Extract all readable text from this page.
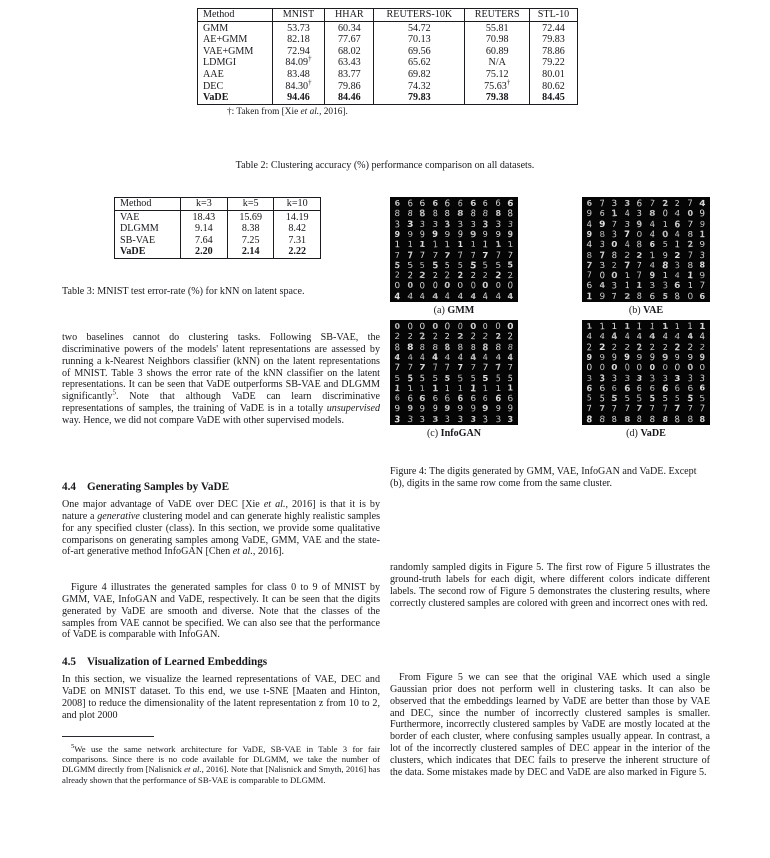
Method	MNIST	HHAR	REUTERS-10K	REUTERS	STL-10
GMM	53.73	60.34	54.72	55.81	72.44
AE+GMM	82.18	77.67	70.13	70.98	79.83
VAE+GMM	72.94	68.02	69.56	60.89	78.86
LDMGI	84.09†	63.43	65.62	N/A	79.22
AAE	83.48	83.77	69.82	75.12	80.01
DEC	84.30†	79.86	74.32	75.63†	80.62
VaDE	94.46	84.46	79.83	79.38	84.45
†: Taken from [Xie et al., 2016].
Table 2: Clustering accuracy (%) performance comparison on all datasets.
Method	k=3	k=5	k=10
VAE	18.43	15.69	14.19
DLGMM	9.14	8.38	8.42
SB-VAE	7.64	7.25	7.31
VaDE	2.20	2.14	2.22
Table 3: MNIST test error-rate (%) for kNN on latent space.
two baselines cannot do clustering tasks. Following SB-VAE, the discriminative powers of the models' latent representations are assessed by running a k-Nearest Neighbors classifier (kNN) on the latent representations of MNIST. Table 3 shows the error rate of the kNN classifier on the latent representations. It can be seen that VaDE outperforms SB-VAE and DLGMM significantly$^5$. Note that although VaDE can learn discriminative representations of samples, the training of VaDE is in a totally unsupervised way. Hence, we did not compare VaDE with other supervised models.
4.4 Generating Samples by VaDE
One major advantage of VaDE over DEC [Xie et al., 2016] is that it is by nature a generative clustering model and can generate highly realistic samples for any specified cluster (class). In this section, we provide some qualitative comparisons on generating samples among VaDE, GMM, VAE and the state-of-art generative method InfoGAN [Chen et al., 2016].
Figure 4 illustrates the generated samples for class 0 to 9 of MNIST by GMM, VAE, InfoGAN and VaDE, respectively. It can be seen that the digits generated by VaDE are smooth and diverse. Note that the classes of the samples from VAE cannot be specified. We can also see that the performance of VaDE is comparable with InfoGAN.
4.5 Visualization of Learned Embeddings
In this section, we visualize the learned representations of VAE, DEC and VaDE on MNIST dataset. To this end, we use t-SNE [Maaten and Hinton, 2008] to reduce the dimensionality of the latent representation z from 10 to 2, and plot 2000
$^5$We use the same network architecture for VaDE, SB-VAE in Table 3 for fair comparisons. Since there is no code available for DLGMM, we take the number of DLGMM directly from [Nalisnick et al., 2016]. Note that [Nalisnick and Smyth, 2016] has already shown that the performance of SB-VAE is comparable to DLGMM.
6 6 6 6 6 6 6 6 6 6
8 8 8 8 8 8 8 8 8 8
3 3 3 3 3 3 3 3 3 3
9 9 9 9 9 9 9 9 9 9
1 1 1 1 1 1 1 1 1 1
7 7 7 7 7 7 7 7 7 7
5 5 5 5 5 5 5 5 5 5
2 2 2 2 2 2 2 2 2 2
0 0 0 0 0 0 0 0 0 0
4 4 4 4 4 4 4 4 4 4
(a) GMM
6 7 3 3 6 7 2 2 7 4
9 6 1 4 3 8 0 4 0 9
4 9 7 3 9 4 1 6 7 9
9 8 3 7 0 4 0 4 8 1
4 3 0 4 8 6 5 1 2 9
8 7 8 2 2 1 9 2 7 3
7 3 2 7 7 4 8 3 8 8
7 0 0 1 7 9 1 4 1 9
6 4 3 1 1 3 3 6 1 7
1 9 7 2 8 6 5 8 0 6
(b) VAE
0 0 0 0 0 0 0 0 0 0
2 2 2 2 2 2 2 2 2 2
8 8 8 8 8 8 8 8 8 8
4 4 4 4 4 4 4 4 4 4
7 7 7 7 7 7 7 7 7 7
5 5 5 5 5 5 5 5 5 5
1 1 1 1 1 1 1 1 1 1
6 6 6 6 6 6 6 6 6 6
9 9 9 9 9 9 9 9 9 9
3 3 3 3 3 3 3 3 3 3
(c) InfoGAN
1 1 1 1 1 1 1 1 1 1
4 4 4 4 4 4 4 4 4 4
2 2 2 2 2 2 2 2 2 2
9 9 9 9 9 9 9 9 9 9
0 0 0 0 0 0 0 0 0 0
3 3 3 3 3 3 3 3 3 3
6 6 6 6 6 6 6 6 6 6
5 5 5 5 5 5 5 5 5 5
7 7 7 7 7 7 7 7 7 7
8 8 8 8 8 8 8 8 8 8
(d) VaDE
Figure 4: The digits generated by GMM, VAE, InfoGAN and VaDE. Except (b), digits in the same row come from the same cluster.
randomly sampled digits in Figure 5. The first row of Figure 5 illustrates the ground-truth labels for each digit, where different colors indicate different labels. The second row of Figure 5 demonstrates the clustering results, where correctly clustered samples are colored with green and incorrect ones with red.
From Figure 5 we can see that the original VAE which used a single Gaussian prior does not perform well in clustering tasks. It can also be observed that the embeddings learned by VaDE are better than those by VAE and DEC, since the number of incorrectly clustered samples is smaller. Furthermore, incorrectly clustered samples by VaDE are mostly located at the border of each cluster, where confusing samples usually appear. In contrast, a lot of the incorrectly clustered samples of DEC appear in the interior of the clusters, which indicates that DEC fails to preserve the inherent structure of the data. Some mistakes made by DEC and VaDE are also marked in Figure 5.
